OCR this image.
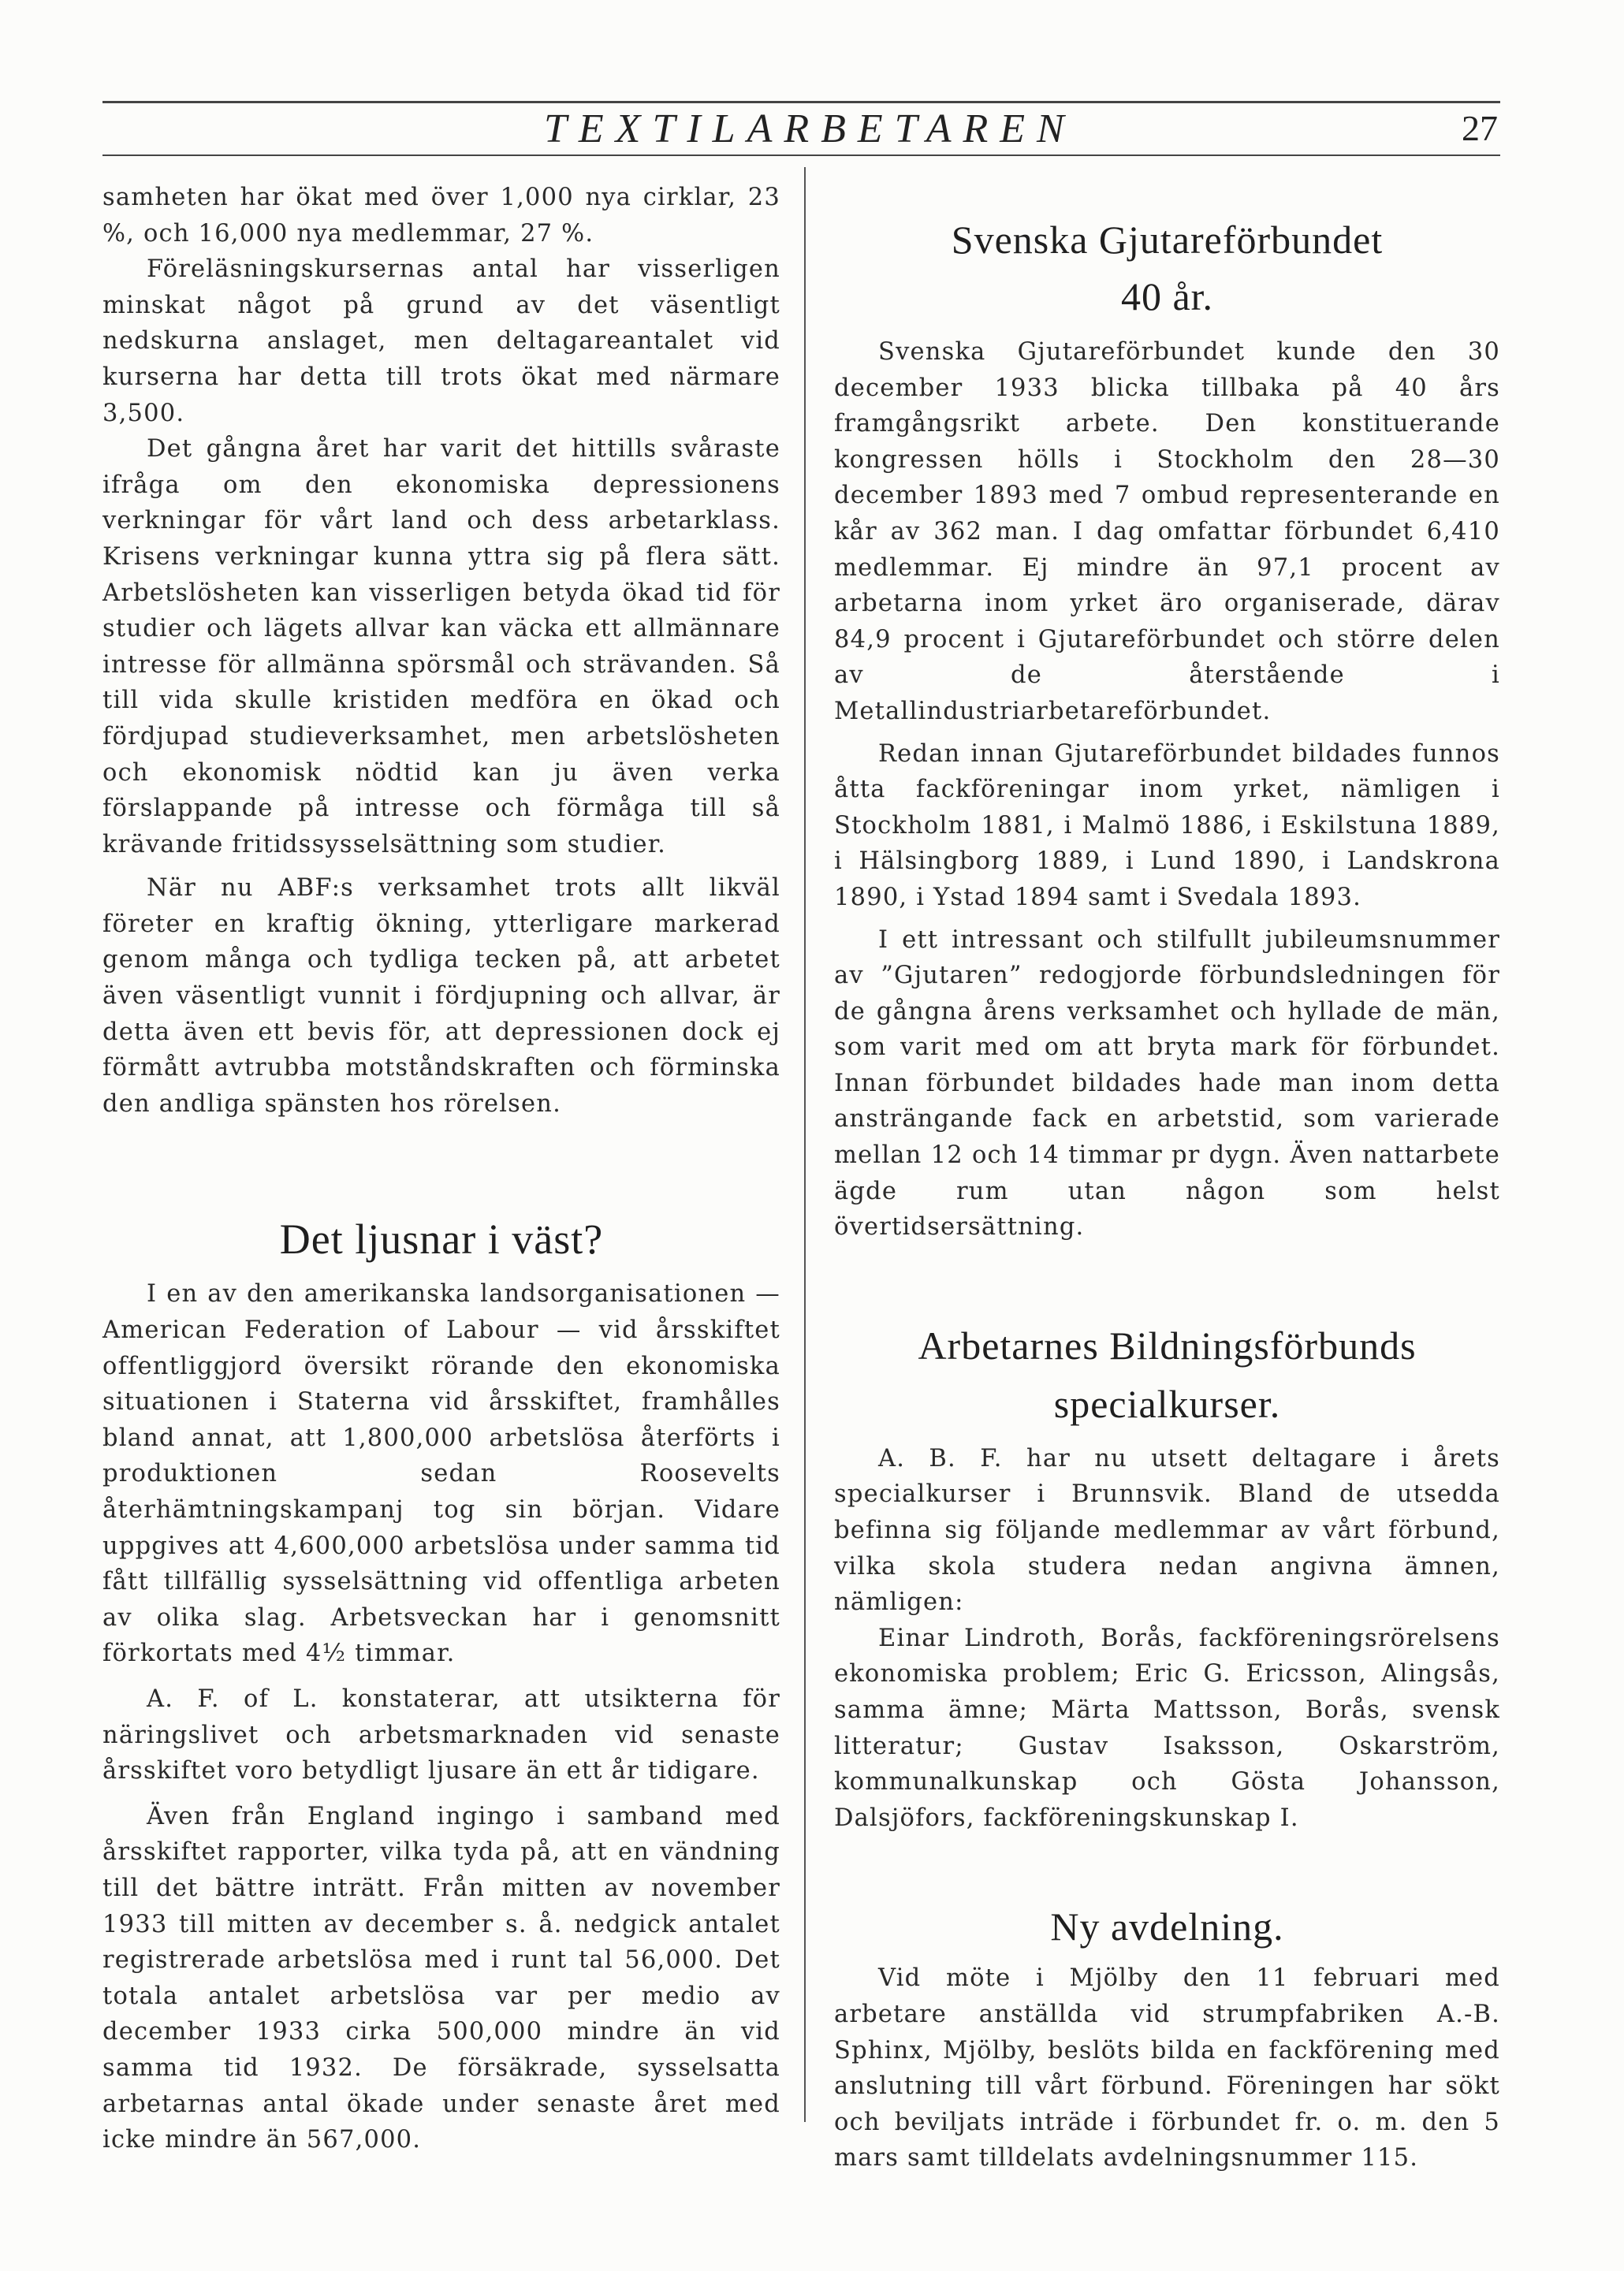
TEXTILARBETAREN	27

samheten har ökat med över 1,000 nya cirklar, 23 %, och 16,000 nya medlemmar, 27 %.

Föreläsningskursernas antal har visserligen minskat något på grund av det väsentligt nedskurna anslaget, men deltagareantalet vid kurserna har detta till trots ökat med närmare 3,500.

Det gångna året har varit det hittills svåraste ifråga om den ekonomiska depressionens verkningar för vårt land och dess arbetarklass. Krisens verkningar kunna yttra sig på flera sätt. Arbetslösheten kan visserligen betyda ökad tid för studier och lägets allvar kan väcka ett allmännare intresse för allmänna spörsmål och strävanden. Så till vida skulle kristiden medföra en ökad och fördjupad studieverksamhet, men arbetslösheten och ekonomisk nödtid kan ju även verka förslappande på intresse och förmåga till så krävande fritidssysselsättning som studier.

När nu ABF:s verksamhet trots allt likväl företer en kraftig ökning, ytterligare markerad genom många och tydliga tecken på, att arbetet även väsentligt vunnit i fördjupning och allvar, är detta även ett bevis för, att depressionen dock ej förmått avtrubba motståndskraften och förminska den andliga spänsten hos rörelsen.

Det ljusnar i väst?

I en av den amerikanska landsorganisationen — American Federation of Labour — vid årsskiftet offentliggjord översikt rörande den ekonomiska situationen i Staterna vid årsskiftet, framhålles bland annat, att 1,800,000 arbetslösa återförts i produktionen sedan Roosevelts återhämtningskampanj tog sin början. Vidare uppgives att 4,600,000 arbetslösa under samma tid fått tillfällig sysselsättning vid offentliga arbeten av olika slag. Arbetsveckan har i genomsnitt förkortats med 4½ timmar.

A. F. of L. konstaterar, att utsikterna för näringslivet och arbetsmarknaden vid senaste årsskiftet voro betydligt ljusare än ett år tidigare.

Även från England ingingo i samband med årsskiftet rapporter, vilka tyda på, att en vändning till det bättre inträtt. Från mitten av november 1933 till mitten av december s. å. nedgick antalet registrerade arbetslösa med i runt tal 56,000. Det totala antalet arbetslösa var per medio av december 1933 cirka 500,000 mindre än vid samma tid 1932. De försäkrade, sysselsatta arbetarnas antal ökade under senaste året med icke mindre än 567,000.

Svenska Gjutareförbundet
40 år.

Svenska Gjutareförbundet kunde den 30 december 1933 blicka tillbaka på 40 års framgångsrikt arbete. Den konstituerande kongressen hölls i Stockholm den 28—30 december 1893 med 7 ombud representerande en kår av 362 man. I dag omfattar förbundet 6,410 medlemmar. Ej mindre än 97,1 procent av arbetarna inom yrket äro organiserade, därav 84,9 procent i Gjutareförbundet och större delen av de återstående i Metallindustriarbetareförbundet.

Redan innan Gjutareförbundet bildades funnos åtta fackföreningar inom yrket, nämligen i Stockholm 1881, i Malmö 1886, i Eskilstuna 1889, i Hälsingborg 1889, i Lund 1890, i Landskrona 1890, i Ystad 1894 samt i Svedala 1893.

I ett intressant och stilfullt jubileumsnummer av ”Gjutaren” redogjorde förbundsledningen för de gångna årens verksamhet och hyllade de män, som varit med om att bryta mark för förbundet. Innan förbundet bildades hade man inom detta ansträngande fack en arbetstid, som varierade mellan 12 och 14 timmar pr dygn. Även nattarbete ägde rum utan någon som helst övertidsersättning.

Arbetarnes Bildningsförbunds
specialkurser.

A. B. F. har nu utsett deltagare i årets specialkurser i Brunnsvik. Bland de utsedda befinna sig följande medlemmar av vårt förbund, vilka skola studera nedan angivna ämnen, nämligen:

Einar Lindroth, Borås, fackföreningsrörelsens ekonomiska problem; Eric G. Ericsson, Alingsås, samma ämne; Märta Mattsson, Borås, svensk litteratur; Gustav Isaksson, Oskarström, kommunalkunskap och Gösta Johansson, Dalsjöfors, fackföreningskunskap I.

Ny avdelning.

Vid möte i Mjölby den 11 februari med arbetare anställda vid strumpfabriken A.-B. Sphinx, Mjölby, beslöts bilda en fackförening med anslutning till vårt förbund. Föreningen har sökt och beviljats inträde i förbundet fr. o. m. den 5 mars samt tilldelats avdelningsnummer 115.
